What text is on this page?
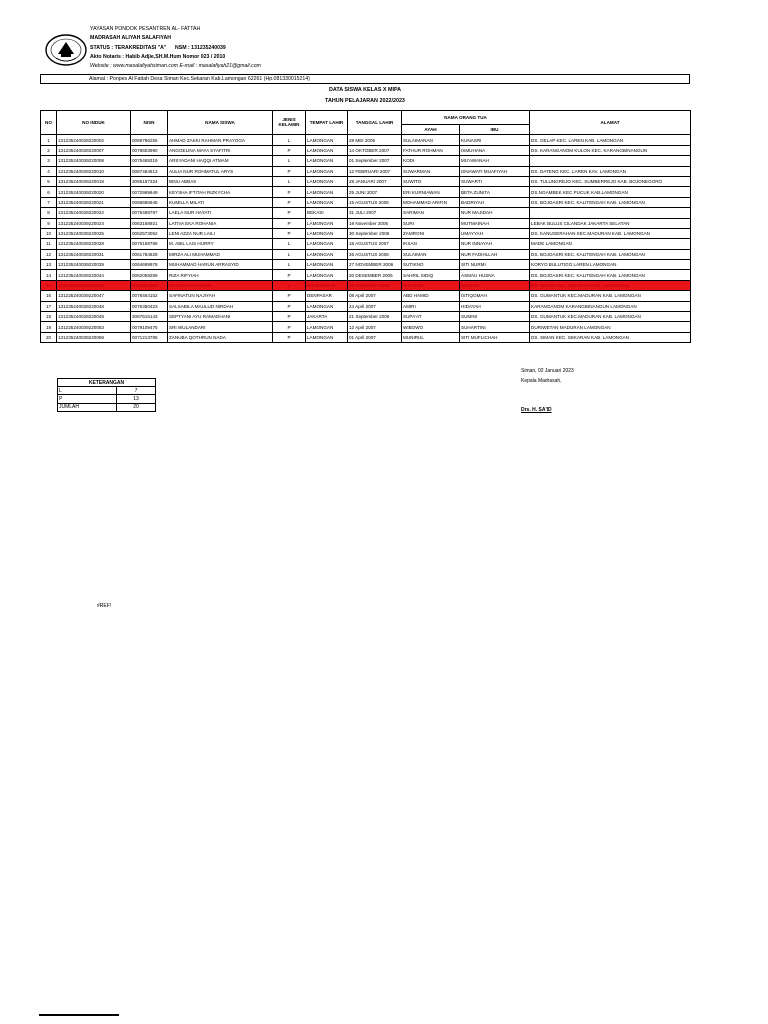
YAYASAN PONDOK PESANTREN AL- FATTAH
MADRASAH ALIYAH SALAFIYAH
STATUS : TERAKREDITASI "A" NSM : 131235240039
Akto Notaris : Habib Adjie,SH.M.Hum Nomor 023 / 2010
Website : www.masalafiyahsiman.com E-mail : masalafiyah21@gmail.com
Alamat : Ponpes Al Fattah Desa Siman Kec.Sekaran Kab.Lamongan 62261 (Hp.081330015214)
DATA SISWA KELAS X MIPA
TAHUN PELAJARAN 2022/2023
NO	NO INDUK	NISN	NAMA SISWA	JENIS KELAMIN	TEMPAT LAHIR	TANGGAL LAHIR	NAMA ORANG TUA		ALAMAT
							AYAH	IBU	
1	131235240039220002	0069786255	AHMAD ZAKKI RAHMAN PRAYOGA	L	LAMONGAN	28 MEI 2006	SULAIMANAN	KUNASRI	DS. GELAP KEC. LAREN KAB. LAMONGAN
2	131235240039220007	0078603990	ANGGELINA MAYA SYAFITRI	P	LAMONGAN	14 OKTOBER 2007	FATHUR ROHMAN	ISMUHANA	DS. KARANGANOM KULON KEC. KARANGBINANGUN
3	131235240039220008	0075469319	ARSYADANI HAQQI ATMAM	L	LAMONGAN	01 September 2007	KODI	MU'AWANAH	
4	131235240039220010	0087484613	AULIA NUR ROHMATUL ARYS	P	LAMONGAN	12 FEBRUARI 2007	SUWARMAN	ISNAWATI MUAFIYAH	DS. DATENG KEC. LAREN KAV. LAMONGAN
5	131235240039220018	3065187324	IBNU ABBAS	L	LAMONGAN	28 JANUARI 2007	SUWITO	SUWARTI	DS. TULUNGREJO KEC. SUMBERREJO KAB. BOJONEGORO
6	131235240039220020	0072969649	KEYSHA IFTITAH RIZKYCHA	P	LAMONGAN	25 JUNI 2007	ERI KURNIAWAN	BETA ZUNITA	DS.NGAMBEK KEC.PUCUK KAB.LAMONGAN
7	131235240039220021	0068686945	KUMILLA MILATI	P	LAMONGAN	15 AGUSTUS 2006	MOHAMMAD ARIFIN	BADRIYAH	DS. BOJOASRI KEC. KALITENGAH KAB. LAMONGAN
8	131235240039220022	0075489797	LAELA NUR HAYATI	P	BEKASI	31 JULI 2007	SARIMAN	NUR MAJIDAH	
9	131235240039220024	0063168921	LATIVA EKA ROHANIA	P	LAMONGAN	19 November 2006	SURI	MUTMAINAH	LEBAK BULUS CILANDAK JAKARTA SELATAN
10	131235240039220025	0062573052	LENI AZZA NUR LAILI	P	LAMONGAN	30 September 2006	ZAMRONI	UMAYYAH	DS. KANUGERAHAN KEC.MADURAN KAB. LAMONGAN
11	131235240039220028	0076169788	M. ABIL LAIS HURRY	L	LAMONGAN	18 AGUSTUS 2007	IKSAN	NUR INNAYAH	MADE LAMONGAN
12	131235240039220031	0061784628	MIRZA ALI MUHAMMAD	L	LAMONGAN	26 AGUSTUS 2006	SULAIMAN	NUR FADHILLAH	DS. BOJOASRI KEC. KALITENGAH KAB. LAMONGAN
13	131235240039220039	0064699978	MUHAMMAD HARUN ARRASYID	L	LAMONGAN	27 NOVEMBER 2006	SUTIKNO	SITI NURMI	KORYO BULUTIGO LAREN LAMONGAN
14	131235240039220044	0062059289	RIZA RIFYIAH	P	LAMONGAN	20 DESEMBER 2006	SAHRIL SIDIQ	ASMAU HUSNA	DS. BOJOASRI KEC. KALITENGAH KAB. LAMONGAN
15	131235240039220045	0062063592	SATRIA ISA ANWAR	L	BALIKPAPAN	15 September 2006	SUPARDI	SUMIATI	DS. SIMAN KEC. SEKARAN KAB. LAMONGAN
16	131235240039220047	0078464152	SAFINATUN NAJIYAH	P	DENPASAR	08 April 2007	ABD HAMID	ISTIQOMAH	DS. GUMANTUK KEC.MADURAN KAB. LAMONGAN
17	131235240039220048	0076350423	SALSABILA MAULUD NIRDAH	P	LAMONGAN	24 April 2007	AMIRI	HIDAYAH	KARANGANOM KARANGBINANGUN LAMONGAN
18	131235240039220049	3067615143	SEPTYANI AYU RAMADHANI	P	JAKARTA	21 September 2006	SUPA'AT	SUMINI	DS. GUMANTUK KEC.MADURAN KAB. LAMONGAN
19	131235240039220053	0079109475	SRI WULANDARI	P	LAMONGAN	12 April 2007	WIBOWO	SUHARTINI	DURIWETAN MADURAN LAMONGAN
20	131235240039220059	0071213795	ZANUBA QOTHRUN NADA	P	LAMONGAN	01 April 2007	MUNIRUL	SITI MUFLICHAH	DS. SIMAN KEC. SEKARAN KAB. LAMONGAN
KETERANGAN	
L	7
P	13
JUMLAH	20
Siman, 02 Januari 2023
Kepala Madrasah,
Drs. H. SA'ID
#REF!
